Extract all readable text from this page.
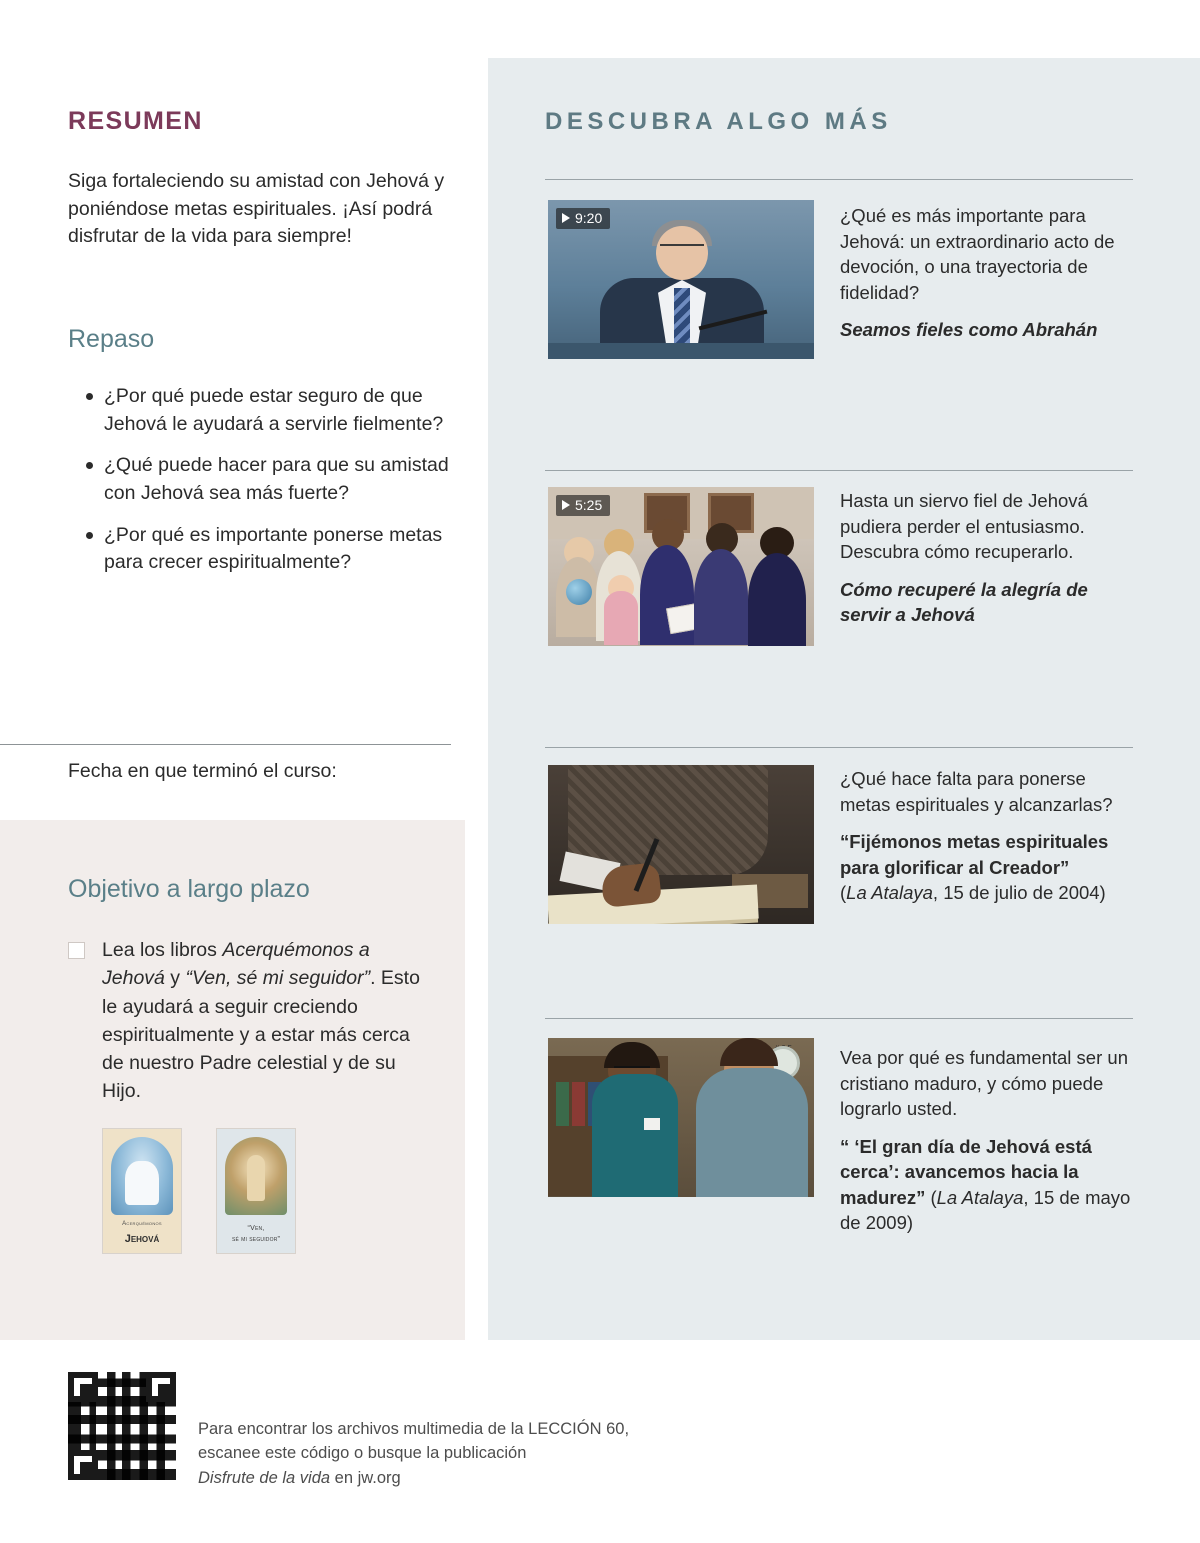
RESUMEN
Siga fortaleciendo su amistad con Jehová y poniéndose metas espirituales. ¡Así podrá disfrutar de la vida para siempre!
Repaso
¿Por qué puede estar seguro de que Jehová le ayudará a servirle fielmente?
¿Qué puede hacer para que su amistad con Jehová sea más fuerte?
¿Por qué es importante ponerse metas para crecer espiritualmente?
Fecha en que terminó el curso:
Objetivo a largo plazo
Lea los libros Acerquémonos a Jehová y “Ven, sé mi seguidor”. Esto le ayudará a seguir creciendo espiritualmente y a estar más cerca de nuestro Padre celestial y de su Hijo.
Acerquémonos
Jehová
“Ven,
sé mi seguidor”
DESCUBRA ALGO MÁS
9:20	¿Qué es más importante para Jehová: un extraordinario acto de devoción, o una trayectoria de fidelidad?
Seamos fieles como Abrahán
5:25	Hasta un siervo fiel de Jehová pudiera perder el entusiasmo. Descubra cómo recuperarlo.
Cómo recuperé la alegría de servir a Jehová
¿Qué hace falta para ponerse metas espirituales y alcanzarlas?
“Fijémonos metas espirituales para glorificar al Creador”
(La Atalaya, 15 de julio de 2004)
Vea por qué es fundamental ser un cristiano maduro, y cómo puede lograrlo usted.
“ ‘El gran día de Jehová está cerca’: avancemos hacia la madurez” (La Atalaya, 15 de mayo de 2009)
Para encontrar los archivos multimedia de la LECCIÓN 60,
escanee este código o busque la publicación
Disfrute de la vida en jw.org
